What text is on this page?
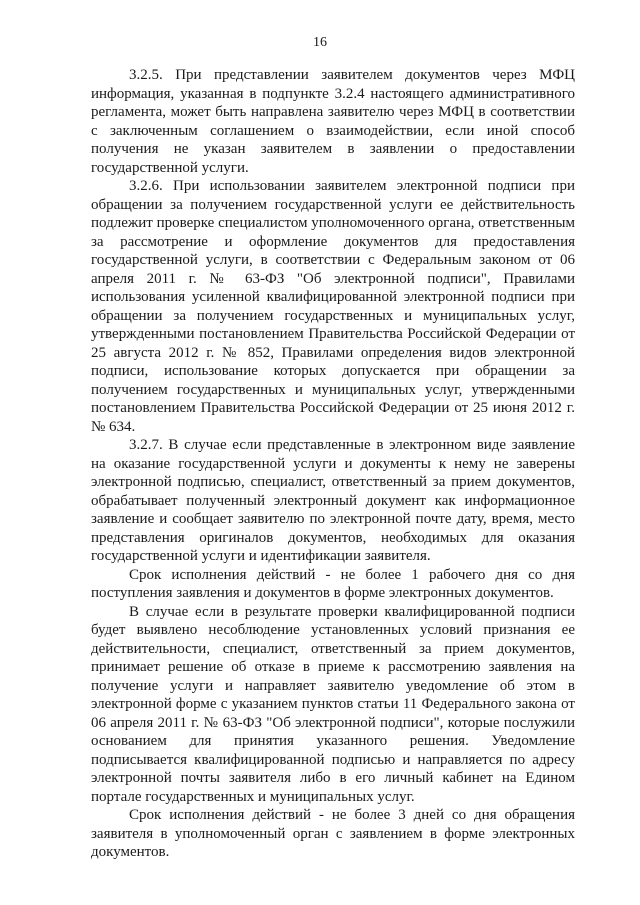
16

3.2.5. При представлении заявителем документов через МФЦ информация, указанная в подпункте 3.2.4 настоящего административного регламента, может быть направлена заявителю через МФЦ в соответствии с заключенным соглашением о взаимодействии, если иной способ получения не указан заявителем в заявлении о предоставлении государственной услуги.

3.2.6. При использовании заявителем электронной подписи при обращении за получением государственной услуги ее действительность подлежит проверке специалистом уполномоченного органа, ответственным за рассмотрение и оформление документов для предоставления государственной услуги, в соответствии с Федеральным законом от 06 апреля 2011 г. № 63-ФЗ "Об электронной подписи", Правилами использования усиленной квалифицированной электронной подписи при обращении за получением государственных и муниципальных услуг, утвержденными постановлением Правительства Российской Федерации от 25 августа 2012 г. № 852, Правилами определения видов электронной подписи, использование которых допускается при обращении за получением государственных и муниципальных услуг, утвержденными постановлением Правительства Российской Федерации от 25 июня 2012 г. № 634.

3.2.7. В случае если представленные в электронном виде заявление на оказание государственной услуги и документы к нему не заверены электронной подписью, специалист, ответственный за прием документов, обрабатывает полученный электронный документ как информационное заявление и сообщает заявителю по электронной почте дату, время, место представления оригиналов документов, необходимых для оказания государственной услуги и идентификации заявителя.

Срок исполнения действий - не более 1 рабочего дня со дня поступления заявления и документов в форме электронных документов.

В случае если в результате проверки квалифицированной подписи будет выявлено несоблюдение установленных условий признания ее действительности, специалист, ответственный за прием документов, принимает решение об отказе в приеме к рассмотрению заявления на получение услуги и направляет заявителю уведомление об этом в электронной форме с указанием пунктов статьи 11 Федерального закона от 06 апреля 2011 г. № 63-ФЗ "Об электронной подписи", которые послужили основанием для принятия указанного решения. Уведомление подписывается квалифицированной подписью и направляется по адресу электронной почты заявителя либо в его личный кабинет на Едином портале государственных и муниципальных услуг.

Срок исполнения действий - не более 3 дней со дня обращения заявителя в уполномоченный орган с заявлением в форме электронных документов.
